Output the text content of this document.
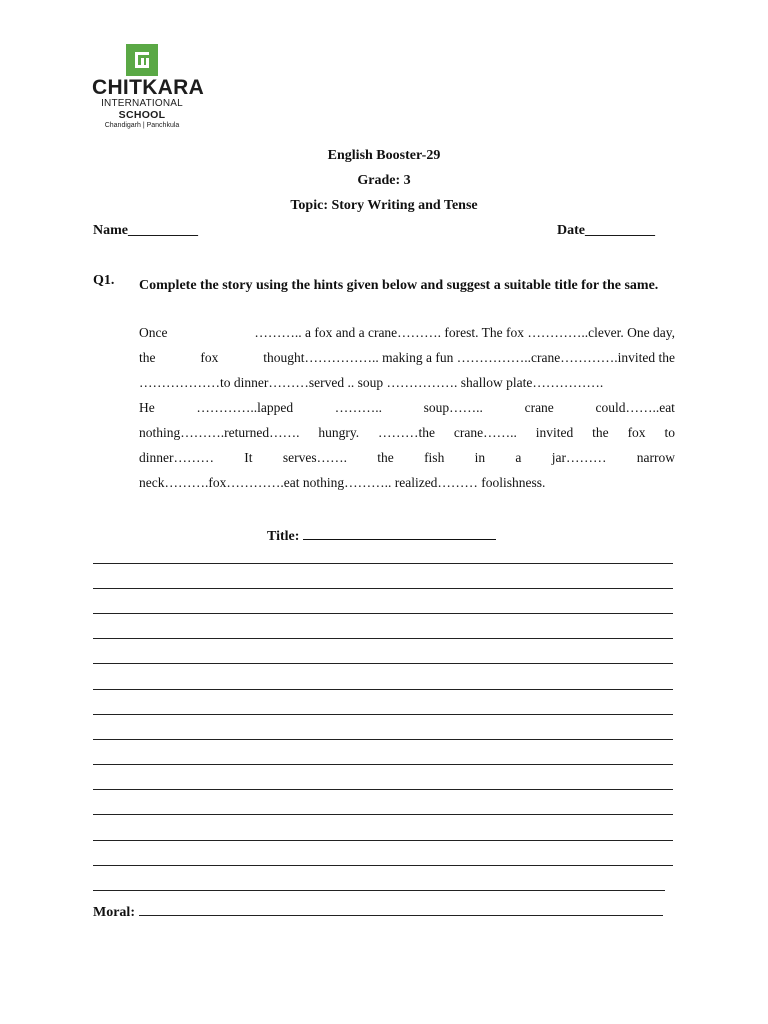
CHITKARA
INTERNATIONAL
SCHOOL
Chandigarh | Panchkula
English Booster-29
Grade: 3
Topic: Story Writing and Tense
Name__________	Date__________
Q1. Complete the story using the hints given below and suggest a suitable title for the same.
Once	……….. a fox and a crane………. forest. The fox …………..clever. One day,
the	fox	thought…………….. making a fun ……………..crane………….invited the
………………to dinner………served .. soup ……………. shallow plate…………….
He	…………..lapped	………..	soup……..	crane	could……..eat
nothing……….returned……. hungry. ………the crane…….. invited the fox to
dinner……… It serves……. the fish in a jar……… narrow
neck……….fox………….eat nothing……….. realized……… foolishness.
Title:
Moral:
